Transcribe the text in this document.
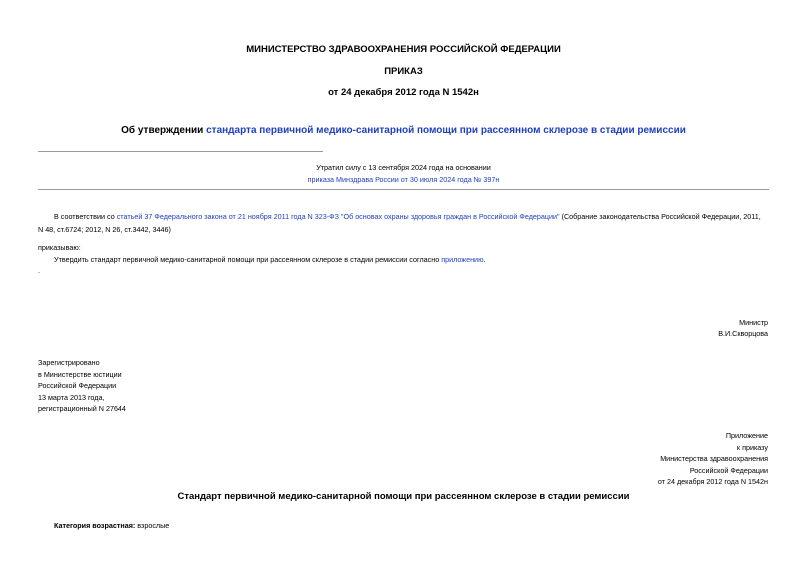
МИНИСТЕРСТВО ЗДРАВООХРАНЕНИЯ РОССИЙСКОЙ ФЕДЕРАЦИИ
ПРИКАЗ
от 24 декабря 2012 года N 1542н
Об утверждении стандарта первичной медико-санитарной помощи при рассеянном склерозе в стадии ремиссии
Утратил силу с 13 сентября 2024 года на основании
приказа Минздрава России от 30 июля 2024 года № 397н
В соответствии со статьей 37 Федерального закона от 21 ноября 2011 года N 323-ФЗ "Об основах охраны здоровья граждан в Российской Федерации" (Собрание законодательства Российской Федерации, 2011,
N 48, ст.6724; 2012, N 26, ст.3442, 3446)
приказываю:
Утвердить стандарт первичной медико-санитарной помощи при рассеянном склерозе в стадии ремиссии согласно приложению.
.
Министр
В.И.Скворцова
Зарегистрировано
в Министерстве юстиции
Российской Федерации
13 марта 2013 года,
регистрационный N 27644
Приложение
к приказу
Министерства здравоохранения
Российской Федерации
от 24 декабря 2012 года N 1542н
Стандарт первичной медико-санитарной помощи при рассеянном склерозе в стадии ремиссии
Категория возрастная: взрослые
